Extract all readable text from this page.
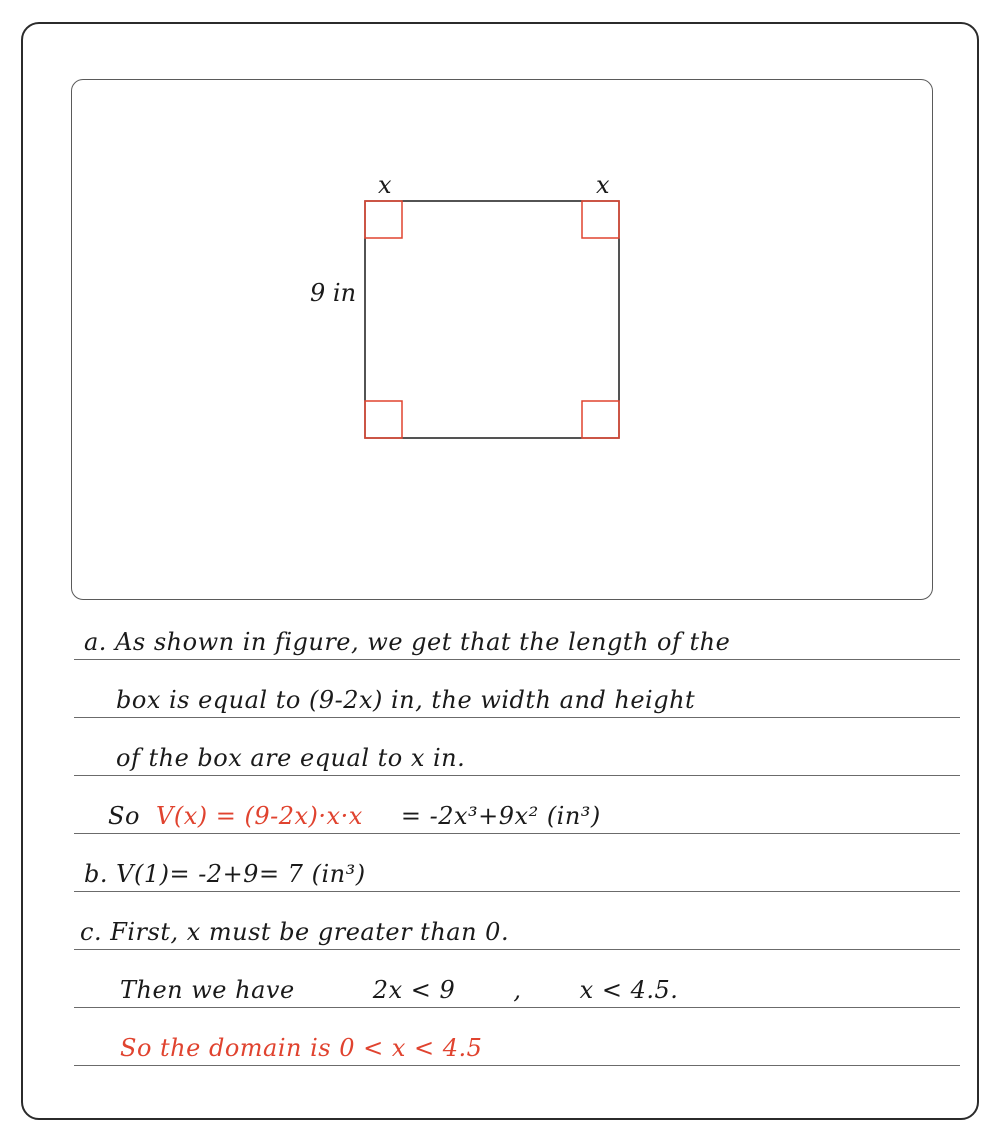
x	x
9 in
a. As shown in figure, we get that the length of the
box is equal to (9-2x) in, the width and height
of the box are equal to x in.
So V(x) = (9-2x)·x·x = -2x³+9x² (in³)
b. V(1)= -2+9= 7 (in³)
c. First, x must be greater than 0.
Then we have	2x < 9 , x < 4.5.
So the domain is 0 < x < 4.5
